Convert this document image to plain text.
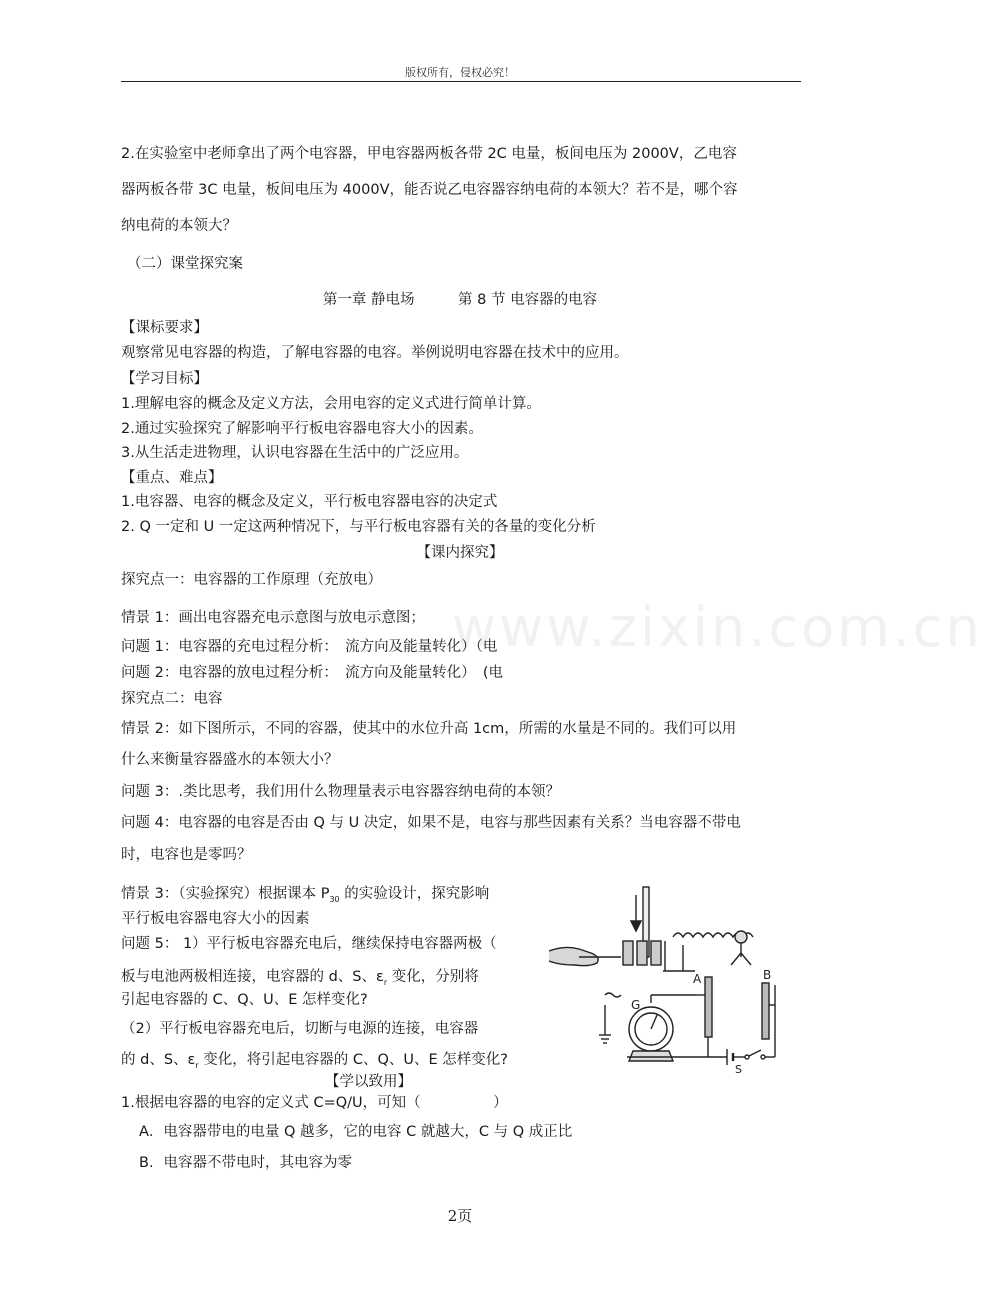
版权所有，侵权必究！
www.zixin.com.cn
2.在实验室中老师拿出了两个电容器，甲电容器两板各带 2C 电量，板间电压为 2000V，乙电容
器两板各带 3C 电量，板间电压为 4000V，能否说乙电容器容纳电荷的本领大？若不是，哪个容
纳电荷的本领大？
（二）课堂探究案
第一章 静电场　　　第 8 节 电容器的电容
【课标要求】
观察常见电容器的构造，了解电容器的电容。举例说明电容器在技术中的应用。
【学习目标】
1.理解电容的概念及定义方法，会用电容的定义式进行简单计算。
2.通过实验探究了解影响平行板电容器电容大小的因素。
3.从生活走进物理，认识电容器在生活中的广泛应用。
【重点、难点】
1.电容器、电容的概念及定义，平行板电容器电容的决定式
2. Q 一定和 U 一定这两种情况下，与平行板电容器有关的各量的变化分析
【课内探究】
探究点一：电容器的工作原理（充放电）
情景 1：画出电容器充电示意图与放电示意图；
问题 1：电容器的充电过程分析：　流方向及能量转化）（电
问题 2：电容器的放电过程分析：　流方向及能量转化）　(电
探究点二：电容
情景 2：如下图所示，不同的容器，使其中的水位升高 1cm，所需的水量是不同的。我们可以用
什么来衡量容器盛水的本领大小？
问题 3：.类比思考，我们用什么物理量表示电容器容纳电荷的本领？
问题 4：电容器的电容是否由 Q 与 U 决定，如果不是，电容与那些因素有关系？当电容器不带电
时，电容也是零吗？
情景 3：（实验探究）根据课本 $P_{30}$ 的实验设计，探究影响
平行板电容器电容大小的因素
问题 5： 1）平行板电容器充电后，继续保持电容器两极（
板与电池两极相连接，电容器的 d、S、$\varepsilon_r$ 变化，分别将
引起电容器的 C、Q、U、E 怎样变化?
（2）平行板电容器充电后，切断与电源的连接，电容器
的 d、S、$\varepsilon_r$ 变化，将引起电容器的 C、Q、U、E 怎样变化?
G
A	B
S
【学以致用】
1.根据电容器的电容的定义式 C=Q/U，可知（　　　　　）
A．电容器带电的电量 Q 越多，它的电容 C 就越大，C 与 Q 成正比
B．电容器不带电时，其电容为零
2页
